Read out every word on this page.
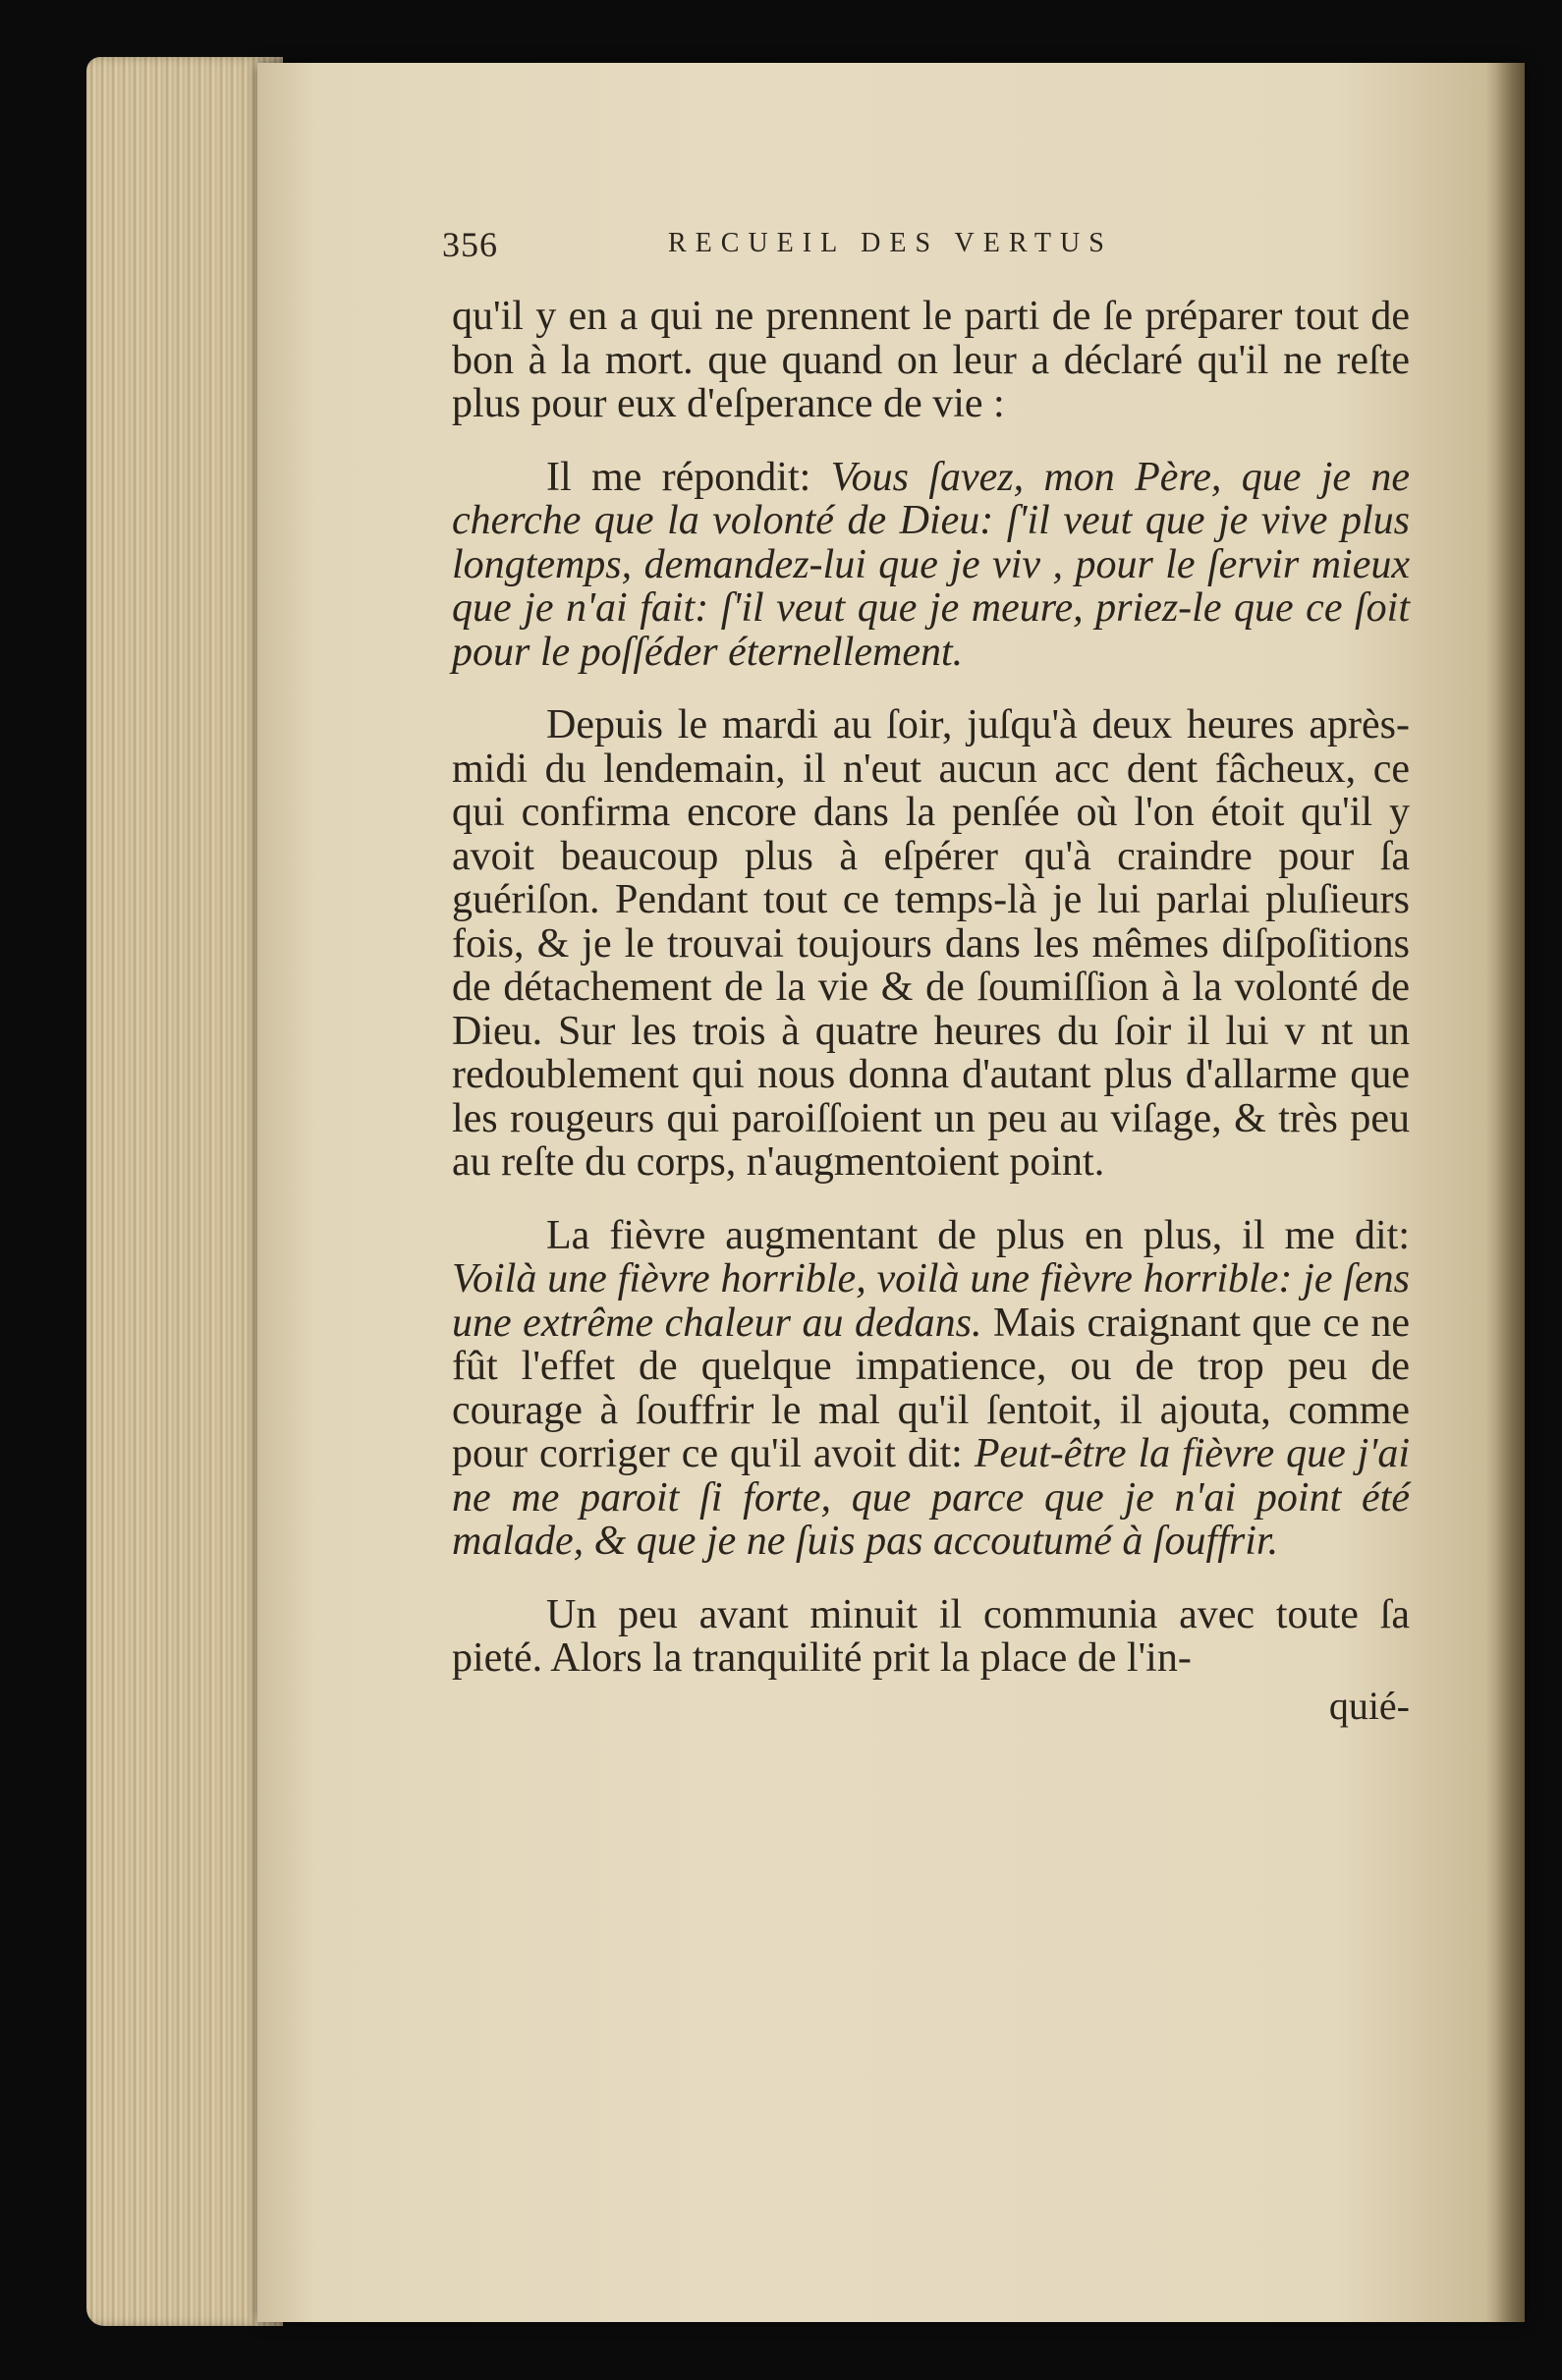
356	RECUEIL DES VERTUS

qu'il y en a qui ne prennent le parti de ſe préparer tout de bon à la mort. que quand on leur a déclaré qu'il ne reſte plus pour eux d'eſperance de vie :

Il me répondit: Vous ſavez, mon Père, que je ne cherche que la volonté de Dieu: ſ'il veut que je vive plus longtemps, demandez-lui que je viv , pour le ſervir mieux que je n'ai fait: ſ'il veut que je meure, priez-le que ce ſoit pour le poſſéder éternellement.

Depuis le mardi au ſoir, juſqu'à deux heures après-midi du lendemain, il n'eut aucun acc dent fâcheux, ce qui confirma encore dans la penſée où l'on étoit qu'il y avoit beaucoup plus à eſpérer qu'à craindre pour ſa guériſon. Pendant tout ce temps-là je lui parlai pluſieurs fois, & je le trouvai toujours dans les mêmes diſpoſitions de détachement de la vie & de ſoumiſſion à la volonté de Dieu. Sur les trois à quatre heures du ſoir il lui v nt un redoublement qui nous donna d'autant plus d'allarme que les rougeurs qui paroiſſoient un peu au viſage, & très peu au reſte du corps, n'augmentoient point.

La fièvre augmentant de plus en plus, il me dit: Voilà une fièvre horrible, voilà une fièvre horrible: je ſens une extrême chaleur au dedans. Mais craignant que ce ne fût l'effet de quelque impatience, ou de trop peu de courage à ſouffrir le mal qu'il ſentoit, il ajouta, comme pour corriger ce qu'il avoit dit: Peut-être la fièvre que j'ai ne me paroit ſi forte, que parce que je n'ai point été malade, & que je ne ſuis pas accoutumé à ſouffrir.

Un peu avant minuit il communia avec toute ſa pieté. Alors la tranquilité prit la place de l'in-

quié-
